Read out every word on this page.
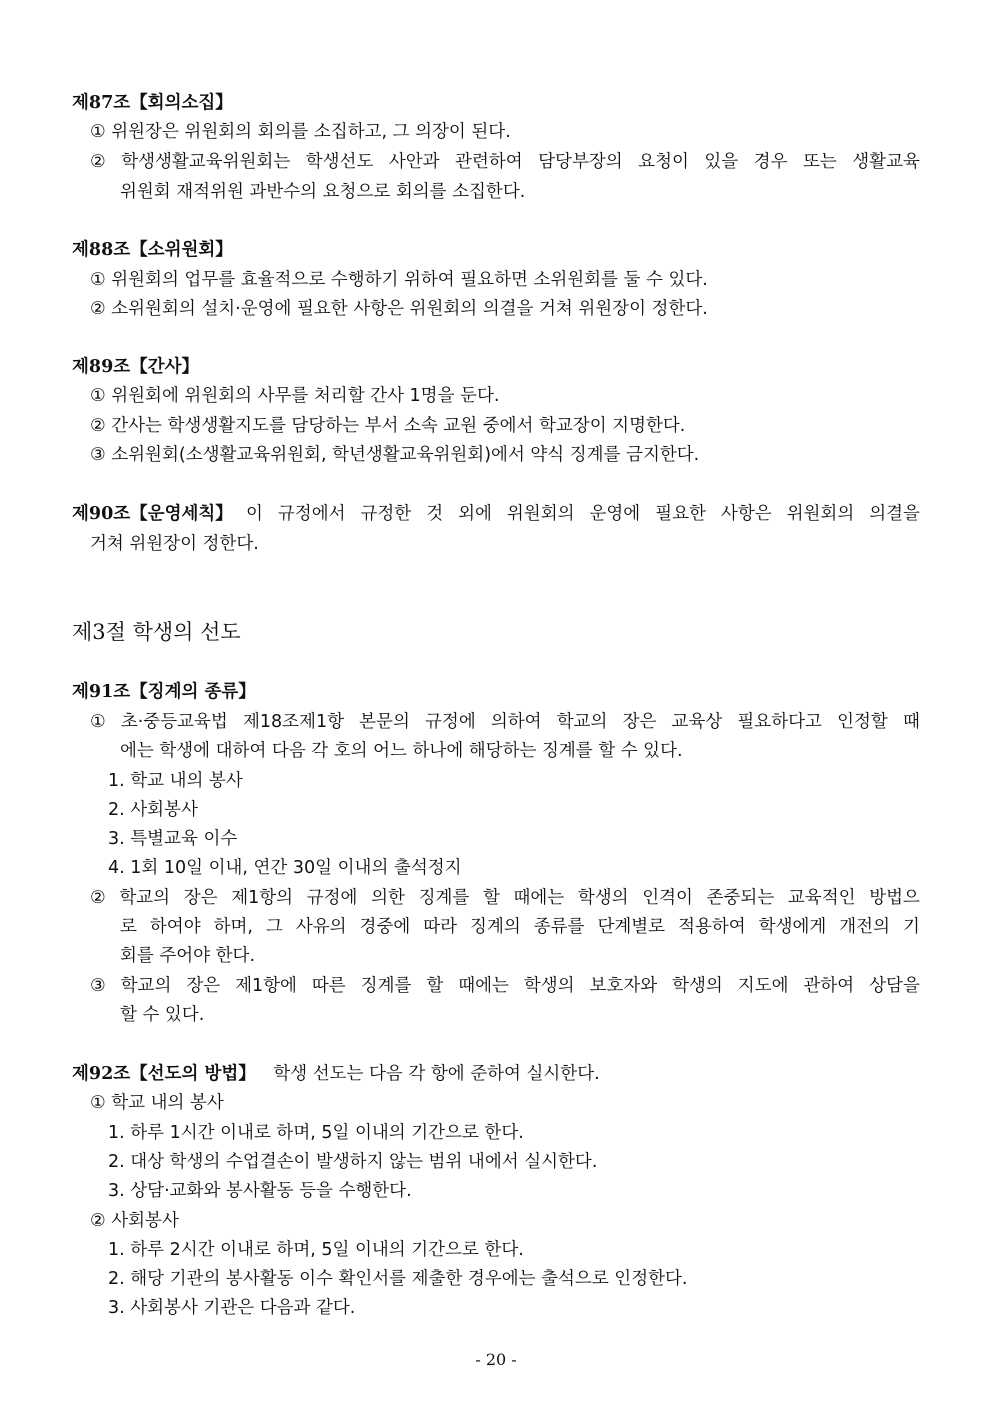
제87조【회의소집】
① 위원장은 위원회의 회의를 소집하고, 그 의장이 된다.
② 학생생활교육위원회는 학생선도 사안과 관련하여 담당부장의 요청이 있을 경우 또는 생활교육
위원회 재적위원 과반수의 요청으로 회의를 소집한다.
제88조【소위원회】
① 위원회의 업무를 효율적으로 수행하기 위하여 필요하면 소위원회를 둘 수 있다.
② 소위원회의 설치·운영에 필요한 사항은 위원회의 의결을 거쳐 위원장이 정한다.
제89조【간사】
① 위원회에 위원회의 사무를 처리할 간사 1명을 둔다.
② 간사는 학생생활지도를 담당하는 부서 소속 교원 중에서 학교장이 지명한다.
③ 소위원회(소생활교육위원회, 학년생활교육위원회)에서 약식 징계를 금지한다.
제90조【운영세칙】 이 규정에서 규정한 것 외에 위원회의 운영에 필요한 사항은 위원회의 의결을
거쳐 위원장이 정한다.
제3절 학생의 선도
제91조【징계의 종류】
① 초·중등교육법 제18조제1항 본문의 규정에 의하여 학교의 장은 교육상 필요하다고 인정할 때
에는 학생에 대하여 다음 각 호의 어느 하나에 해당하는 징계를 할 수 있다.
1. 학교 내의 봉사
2. 사회봉사
3. 특별교육 이수
4. 1회 10일 이내, 연간 30일 이내의 출석정지
② 학교의 장은 제1항의 규정에 의한 징계를 할 때에는 학생의 인격이 존중되는 교육적인 방법으
로 하여야 하며, 그 사유의 경중에 따라 징계의 종류를 단계별로 적용하여 학생에게 개전의 기
회를 주어야 한다.
③ 학교의 장은 제1항에 따른 징계를 할 때에는 학생의 보호자와 학생의 지도에 관하여 상담을
할 수 있다.
제92조【선도의 방법】 학생 선도는 다음 각 항에 준하여 실시한다.
① 학교 내의 봉사
1. 하루 1시간 이내로 하며, 5일 이내의 기간으로 한다.
2. 대상 학생의 수업결손이 발생하지 않는 범위 내에서 실시한다.
3. 상담·교화와 봉사활동 등을 수행한다.
② 사회봉사
1. 하루 2시간 이내로 하며, 5일 이내의 기간으로 한다.
2. 해당 기관의 봉사활동 이수 확인서를 제출한 경우에는 출석으로 인정한다.
3. 사회봉사 기관은 다음과 같다.
- 20 -
